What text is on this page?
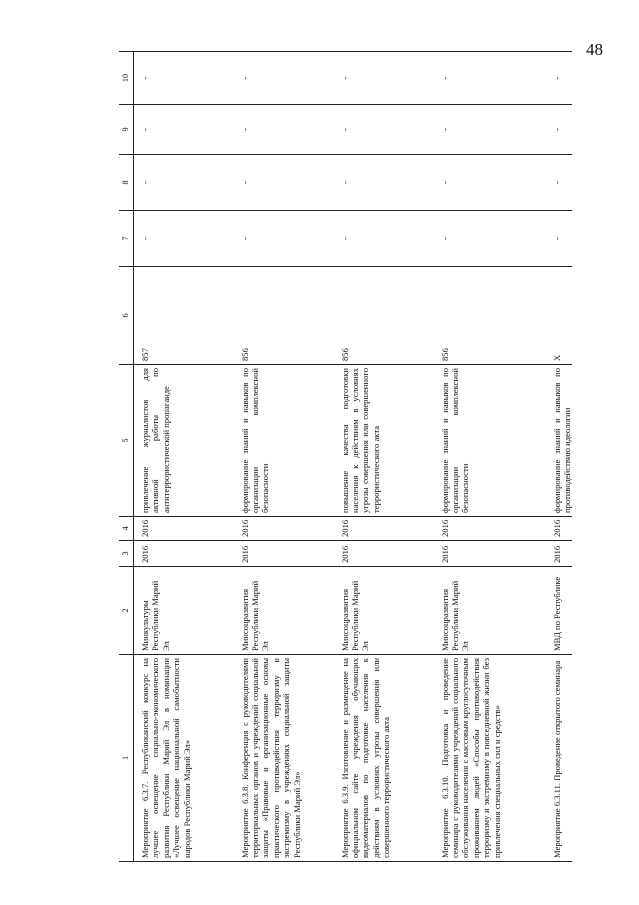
48
1	2	3	4	5	6	7	8	9	10
Мероприятие 6.3.7. Республиканский конкурс на лучшее освещение социально-экономического развития Республики Марий Эл в номинации «Лучшее освещение национальной самобытности народов Республики Марий Эл»	Минкультуры Республики Марий Эл	2016	2016	привлечение журналистов для активной работы по антитеррористической пропаганде	857	-	-	-	-
Мероприятие 6.3.8. Конференция с руководителями территориальных органов и учреждений социальной защиты «Правовые и организационные основы практического противодействия терроризму и экстремизму в учреждениях социальной защиты Республики Марий Эл»	Минсоцразвития Республики Марий Эл	2016	2016	формирование знаний и навыков по организации комплексной безопасности	856	-	-	-	-
Мероприятие 6.3.9. Изготовление и размещение на официальном сайте учреждения обучающих видеоматериалов по подготовке населения к действиям в условиях угрозы совершения или совершенного террористического акта	Минсоцразвития Республики Марий Эл	2016	2016	повышение качества подготовки населения к действиям в условиях угрозы совершения или совершенного террористического акта	856	-	-	-	-
Мероприятие 6.3.10. Подготовка и проведение семинара с руководителями учреждений социального обслуживания населения с массовым круглосуточным проживанием людей «Способы противодействия терроризму и экстремизму в повседневной жизни без привлечения специальных сил и средств»	Минсоцразвития Республики Марий Эл	2016	2016	формирование знаний и навыков по организации комплексной безопасности	856	-	-	-	-
Мероприятие 6.3.11. Проведение открытого семинара	МВД по Республике	2016	2016	формирование знаний и навыков по противодействию идеологии	Х	-	-	-	-
